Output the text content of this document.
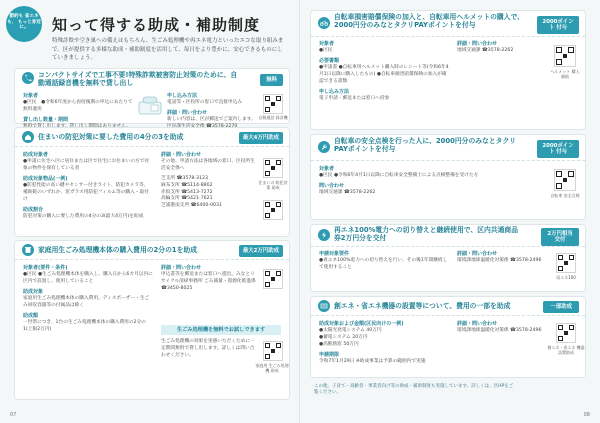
節約も 省エネも、 もっと身近に。	知って得する助成・補助制度
特殊詐欺や空き巣への備えはもちろん、生ごみ処理機や再エネ電力といったエコな取り組みまで。区が提供する多様な助成・補助制度を活用して、毎日をより豊かに、安心できるものにしていきましょう。
コンパクトサイズで工事不要!特殊詐欺被害防止対策のために、自動通話録音機を無料で貸し出し	無料
対象者
●区民　●令和6年度から再度後期の申込にあたりて無料適用
貸し出し数量・期間
申し込み方法
電話等・区役所の窓口で直接申込み
詳細・問い合わせ
新しい内容は、区が郵送でご案内します。 自動通話 録音機
住まいの防犯対策に要した費用の4分の3を助成	最大4万円助成
助成対象者
●申請に住宅へ区に居住または区で住宅にお住まいの方で対象の物件を保有している者
助成対象物品(一例)
●防犯性能の高い鍵やセンサー付きライト、防犯カメラ等、補助錠のいずれか、窓ガラス用防犯フィルム等の購入・取付け
助成割合
防犯対策の購入に要した費用の4分の3(最大4万円)を助成
詳細・問い合わせ
その他、申請方法は各地域の窓口、区役所生活安全係へ
芝支所 ☎3578-3123
麻布支所 ☎5114-8802
赤坂支所 ☎5413-7272
高輪支所 ☎5421-7621
芝浦港南支所 ☎6400-0031
住まいの 防犯対策 助成
家庭用生ごみ処理機本体の購入費用の2分の1を助成	最大2万円助成
対象者(要件・条件)
●区民 ●生ごみ処理機本体を購入し、購入日から6カ月以内に区内で設置し、使用していること
助成対象
家庭用生ごみ処理機本体の購入費用。ディスポーザー・生ごみ回収容器等の付属品は除く
助成額
一世帯につき、1台の生ごみ処理機本体の購入費用の2分の1(上限2万円)
詳細・問い合わせ
申込書等を郵送または窓口へ提出。みなとリサイクル清掃事務所 ごみ減量・資源化推進係 ☎3450-8025
生ごみ処理機を無料でお試しできます
生ごみ処理機の効果を実感いただくために一定期間無料で貸し出します。詳しくは問い合わせください。
家庭用 生ごみ処理機 助成
07
自転車損害賠償保険の加入と、自転車用ヘルメットの購入で、2000円分のみなとタクリPAYポイントを付与	2000ポイント 付与
対象者
●区民
必要書類
●申請書 ●自転車用ヘルメット購入時のレシート等(令和6年4月1日以降に購入したもの) ●自転車損害賠償保険の加入が確認できる書類
申し込み方法
電子申請・郵送または窓口へ持参
詳細・問い合わせ
地域交通課 ☎3578-2262
ヘルメット 購入補助
自転車の安全点検を行った人に、2000円分のみなとタクリPAYポイントを付与	2000ポイント 付与
対象者
●区民 ●令和6年4月1日以降に自転車安全整備士による点検整備を受けた方
問い合わせ
地域交通課 ☎3578-2262
自転車 安全点検
再エネ100%電力への切り替えと継続使用で、区内共通商品券2万円分を交付
2万円相当 交付
申請対象要件
●再エネ100%電力への切り替えを行い、その後1年間継続して使用すること
詳細・問い合わせ
環境課地球温暖化対策係 ☎3578-2496
再エネ100
創エネ・省エネ機器の設置等について、費用の一部を助成	一部助成
助成対象および金額(区民向けの一例)
●太陽光発電システム 40万円
●蓄電システム 20万円
●高断熱窓 50万円
申請期限
令和7年1月29日 ※助成事業は予算の範囲内で実施
詳細・問い合わせ
環境課地球温暖化対策係 ☎3578-2496
創エネ・省エネ 機器設置助成
この他、子育て・高齢者・事業者向け等の助成・補助制度も実施しています。詳しくは、区HPをご覧ください。
08
